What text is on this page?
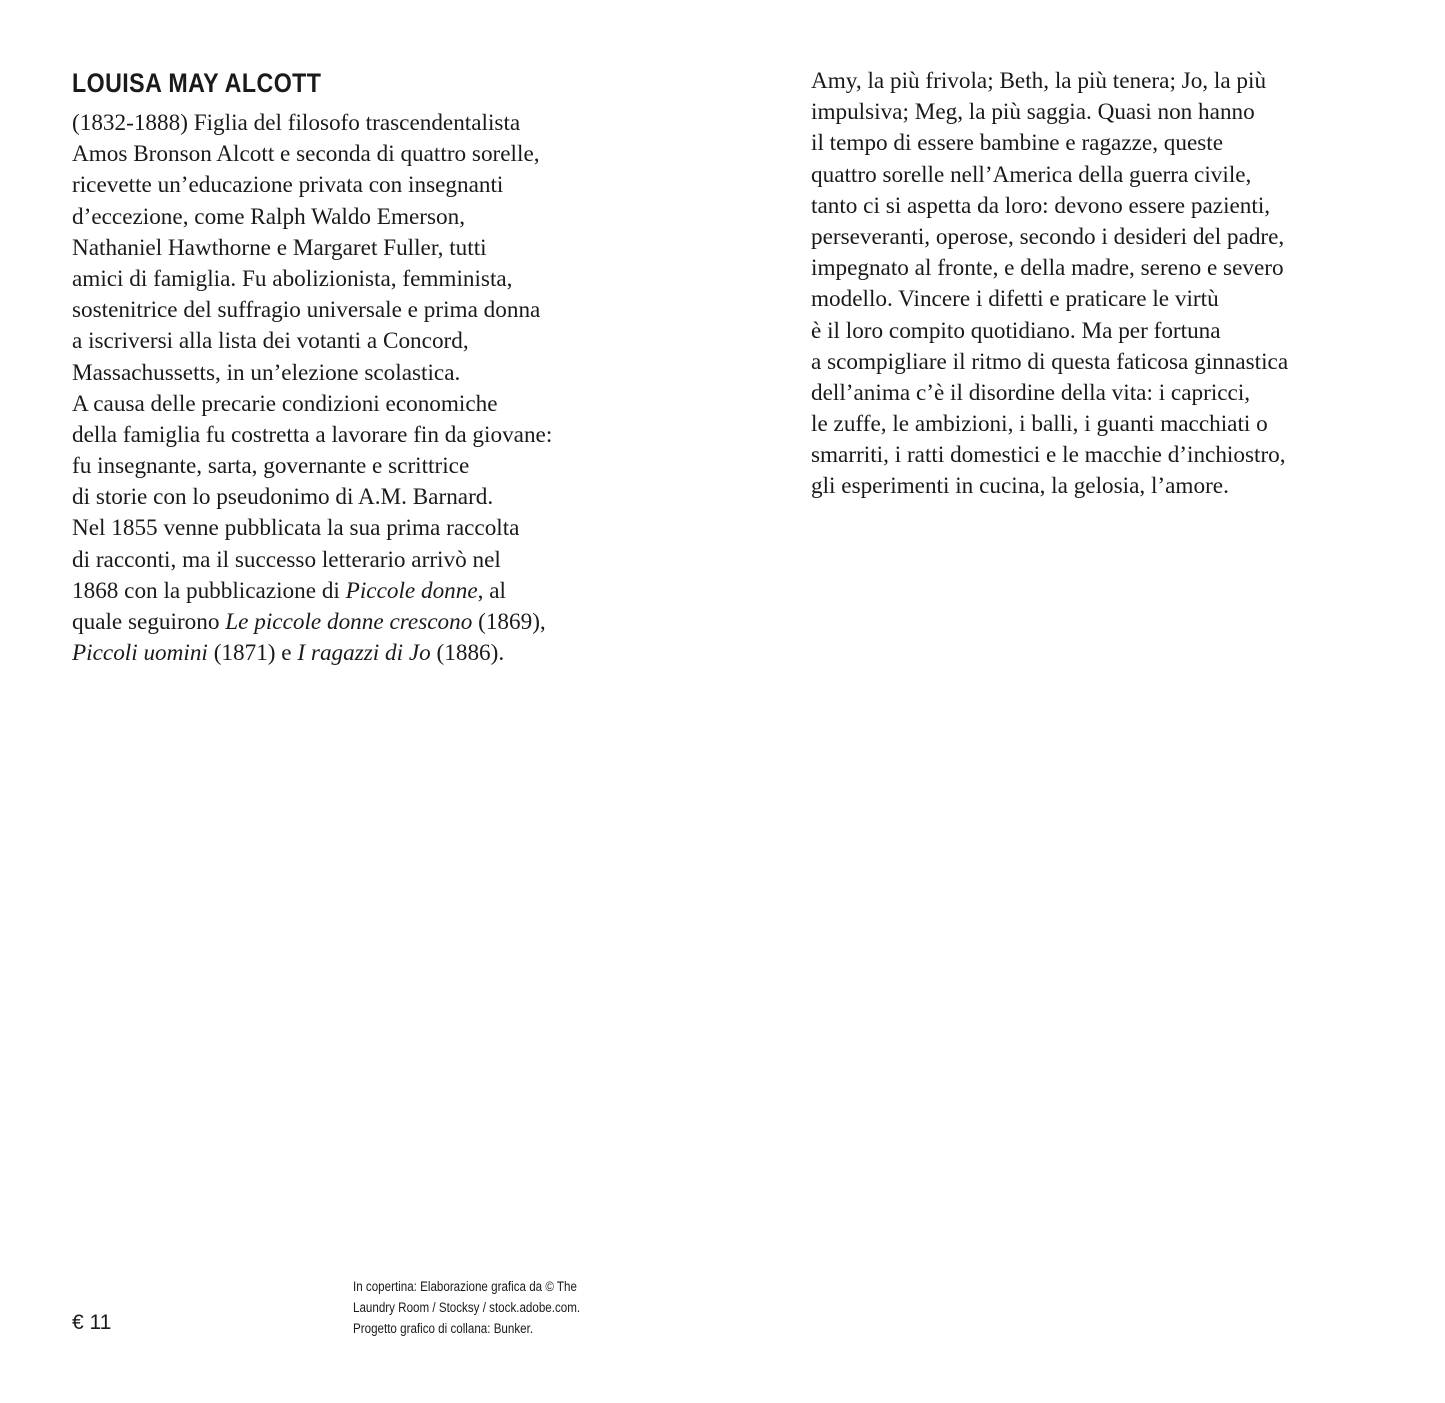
LOUISA MAY ALCOTT
(1832-1888) Figlia del filosofo trascendentalista
Amos Bronson Alcott e seconda di quattro sorelle,
ricevette un’educazione privata con insegnanti
d’eccezione, come Ralph Waldo Emerson,
Nathaniel Hawthorne e Margaret Fuller, tutti
amici di famiglia. Fu abolizionista, femminista,
sostenitrice del suffragio universale e prima donna
a iscriversi alla lista dei votanti a Concord,
Massachussetts, in un’elezione scolastica.
A causa delle precarie condizioni economiche
della famiglia fu costretta a lavorare fin da giovane:
fu insegnante, sarta, governante e scrittrice
di storie con lo pseudonimo di A.M. Barnard.
Nel 1855 venne pubblicata la sua prima raccolta
di racconti, ma il successo letterario arrivò nel
1868 con la pubblicazione di Piccole donne, al
quale seguirono Le piccole donne crescono (1869),
Piccoli uomini (1871) e I ragazzi di Jo (1886).
Amy, la più frivola; Beth, la più tenera; Jo, la più
impulsiva; Meg, la più saggia. Quasi non hanno
il tempo di essere bambine e ragazze, queste
quattro sorelle nell’America della guerra civile,
tanto ci si aspetta da loro: devono essere pazienti,
perseveranti, operose, secondo i desideri del padre,
impegnato al fronte, e della madre, sereno e severo
modello. Vincere i difetti e praticare le virtù
è il loro compito quotidiano. Ma per fortuna
a scompigliare il ritmo di questa faticosa ginnastica
dell’anima c’è il disordine della vita: i capricci,
le zuffe, le ambizioni, i balli, i guanti macchiati o
smarriti, i ratti domestici e le macchie d’inchiostro,
gli esperimenti in cucina, la gelosia, l’amore.
€ 11
In copertina: Elaborazione grafica da © The
Laundry Room / Stocksy / stock.adobe.com.
Progetto grafico di collana: Bunker.
